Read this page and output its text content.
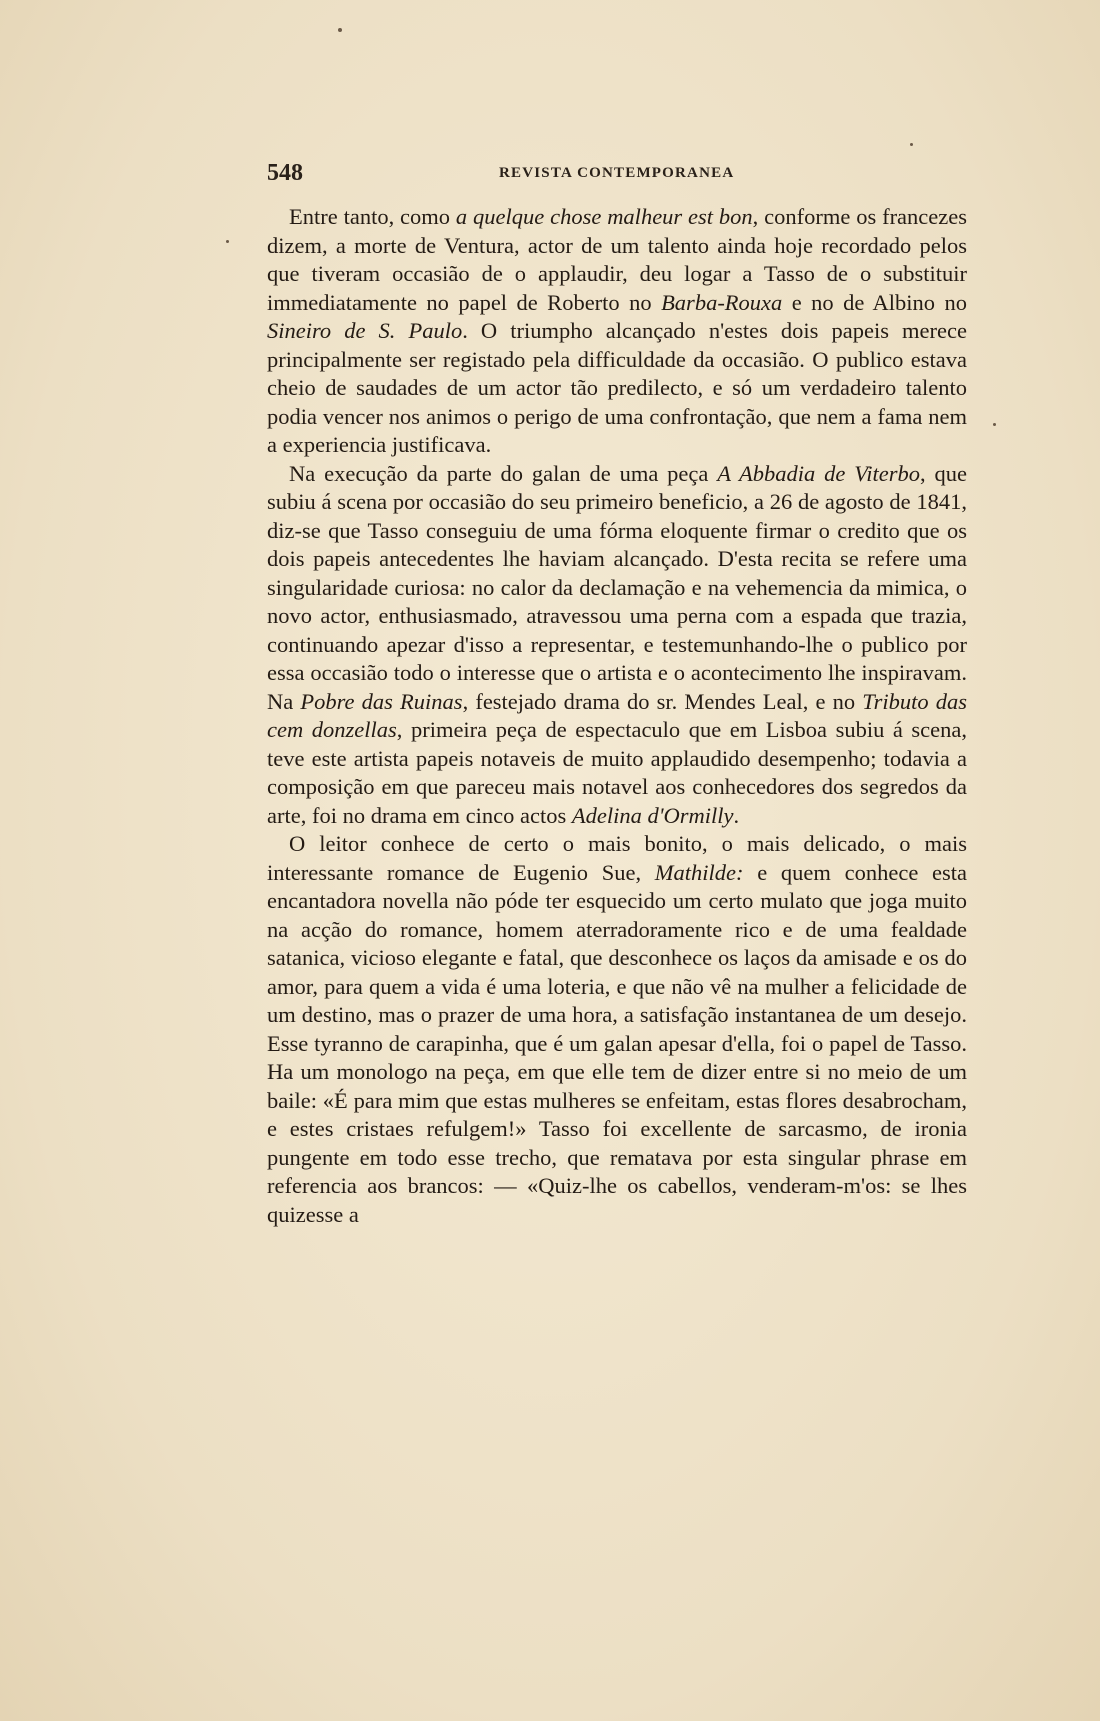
548	REVISTA CONTEMPORANEA

Entre tanto, como a quelque chose malheur est bon, conforme os francezes dizem, a morte de Ventura, actor de um talento ainda hoje recordado pelos que tiveram occasião de o applaudir, deu logar a Tasso de o substituir immediatamente no papel de Roberto no Barba-Rouxa e no de Albino no Sineiro de S. Paulo. O triumpho alcançado n'estes dois papeis merece principalmente ser registado pela difficuldade da occasião. O publico estava cheio de saudades de um actor tão predilecto, e só um verdadeiro talento podia vencer nos animos o perigo de uma confrontação, que nem a fama nem a experiencia justificava.

Na execução da parte do galan de uma peça A Abbadia de Viterbo, que subiu á scena por occasião do seu primeiro beneficio, a 26 de agosto de 1841, diz-se que Tasso conseguiu de uma fórma eloquente firmar o credito que os dois papeis antecedentes lhe haviam alcançado. D'esta recita se refere uma singularidade curiosa: no calor da declamação e na vehemencia da mimica, o novo actor, enthusiasmado, atravessou uma perna com a espada que trazia, continuando apezar d'isso a representar, e testemunhando-lhe o publico por essa occasião todo o interesse que o artista e o acontecimento lhe inspiravam. Na Pobre das Ruinas, festejado drama do sr. Mendes Leal, e no Tributo das cem donzellas, primeira peça de espectaculo que em Lisboa subiu á scena, teve este artista papeis notaveis de muito applaudido desempenho; todavia a composição em que pareceu mais notavel aos conhecedores dos segredos da arte, foi no drama em cinco actos Adelina d'Ormilly.

O leitor conhece de certo o mais bonito, o mais delicado, o mais interessante romance de Eugenio Sue, Mathilde: e quem conhece esta encantadora novella não póde ter esquecido um certo mulato que joga muito na acção do romance, homem aterradoramente rico e de uma fealdade satanica, vicioso elegante e fatal, que desconhece os laços da amisade e os do amor, para quem a vida é uma loteria, e que não vê na mulher a felicidade de um destino, mas o prazer de uma hora, a satisfação instantanea de um desejo. Esse tyranno de carapinha, que é um galan apesar d'ella, foi o papel de Tasso. Ha um monologo na peça, em que elle tem de dizer entre si no meio de um baile: «É para mim que estas mulheres se enfeitam, estas flores desabrocham, e estes cristaes refulgem!» Tasso foi excellente de sarcasmo, de ironia pungente em todo esse trecho, que rematava por esta singular phrase em referencia aos brancos: — «Quiz-lhe os cabellos, venderam-m'os: se lhes quizesse a
